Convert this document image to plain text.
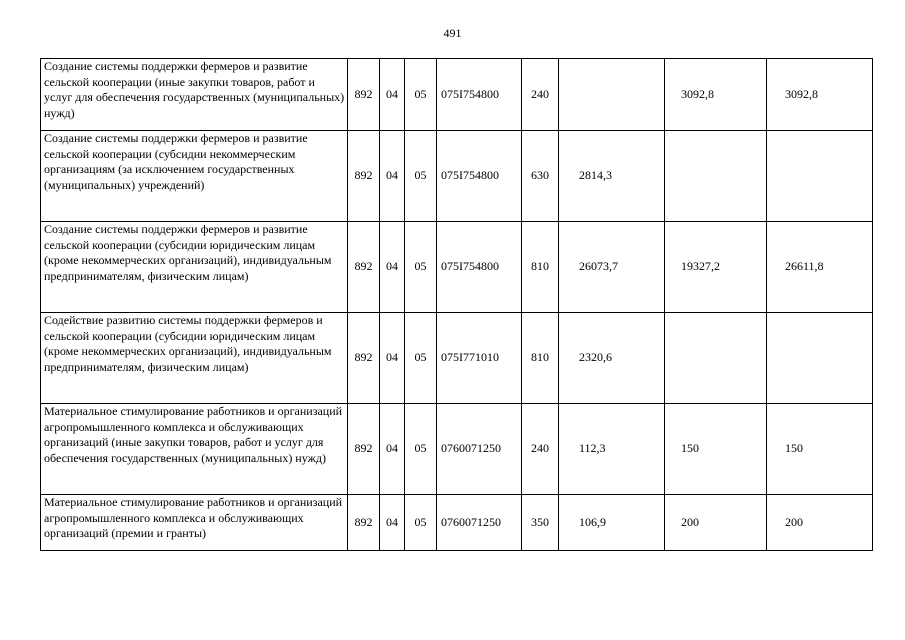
491
Создание системы поддержки фермеров и развитие сельской кооперации (иные закупки товаров, работ и услуг для обеспечения государственных (муниципальных) нужд)	892	04	05	075I754800	240		3092,8	3092,8
Создание системы поддержки фермеров и развитие сельской кооперации (субсидии некоммерческим организациям (за исключением государственных (муниципальных) учреждений)	892	04	05	075I754800	630	2814,3		
Создание системы поддержки фермеров и развитие сельской кооперации (субсидии юридическим лицам (кроме некоммерческих организаций), индивидуальным предпринимателям, физическим лицам)	892	04	05	075I754800	810	26073,7	19327,2	26611,8
Содействие развитию системы поддержки фермеров и сельской кооперации (субсидии юридическим лицам (кроме некоммерческих организаций), индивидуальным предпринимателям, физическим лицам)	892	04	05	075I771010	810	2320,6		
Материальное стимулирование работников и организаций агропромышленного комплекса и обслуживающих организаций (иные закупки товаров, работ и услуг для обеспечения государственных (муниципальных) нужд)	892	04	05	0760071250	240	112,3	150	150
Материальное стимулирование работников и организаций агропромышленного комплекса и обслуживающих организаций (премии и гранты)	892	04	05	0760071250	350	106,9	200	200
